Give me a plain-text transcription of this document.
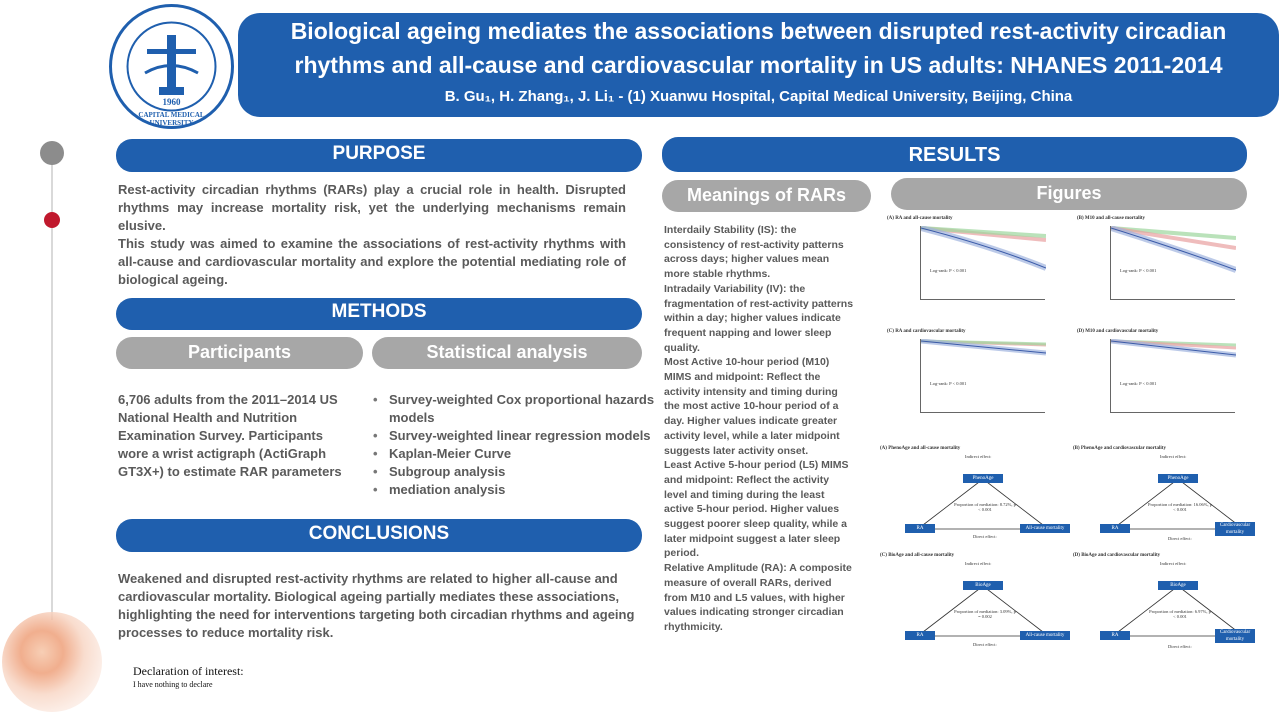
CAPITAL MEDICAL UNIVERSITY
1960
Biological ageing mediates the associations between disrupted rest-activity circadian
rhythms and all-cause and cardiovascular mortality in US adults: NHANES 2011-2014
B. Gu₁, H. Zhang₁, J. Li₁ - (1) Xuanwu Hospital, Capital Medical University, Beijing, China
PURPOSE

Rest-activity circadian rhythms (RARs) play a crucial role in health. Disrupted rhythms may increase mortality risk, yet the underlying mechanisms remain elusive.

This study was aimed to examine the associations of rest-activity rhythms with all-cause and cardiovascular mortality and explore the potential mediating role of biological ageing.

METHODS
Participants	Statistical analysis
6,706 adults from the 2011–2014 US National Health and Nutrition Examination Survey. Participants wore a wrist actigraph (ActiGraph GT3X+) to estimate RAR parameters
• Survey-weighted Cox proportional hazards models
• Survey-weighted linear regression models
• Kaplan-Meier Curve
• Subgroup analysis
• mediation analysis
CONCLUSIONS
Weakened and disrupted rest-activity rhythms are related to higher all-cause and cardiovascular mortality. Biological ageing partially mediates these associations, highlighting the need for interventions targeting both circadian rhythms and ageing processes to reduce mortality risk.
Declaration of interest:
I have nothing to declare
RESULTS
Meanings of RARs	Figures

Interdaily Stability (IS): the consistency of rest-activity patterns across days; higher values mean more stable rhythms.

Intradaily Variability (IV): the fragmentation of rest-activity patterns within a day; higher values indicate frequent napping and lower sleep quality.

Most Active 10-hour period (M10) MIMS and midpoint: Reflect the activity intensity and timing during the most active 10-hour period of a day. Higher values indicate greater activity level, while a later midpoint suggests later activity onset.

Least Active 5-hour period (L5) MIMS and midpoint: Reflect the activity level and timing during the least active 5-hour period. Higher values suggest poorer sleep quality, while a later midpoint suggest a later sleep period.

Relative Amplitude (RA): A composite measure of overall RARs, derived from M10 and L5 values, with higher values indicating stronger circadian rhythmicity.

(A) RA and all-cause mortality
Log-rank: P < 0.001
(B) M10 and all-cause mortality
Log-rank: P < 0.001
(C) RA and cardiovascular mortality
Log-rank: P < 0.001
(D) M10 and cardiovascular mortality
Log-rank: P < 0.001
(A) PhenoAge and all-cause mortality
Indirect effect:
PhenoAge
RA	All-cause mortality
Proportion of mediation: 8.72%, p < 0.001
Direct effect:
(B) PhenoAge and cardiovascular mortality
Indirect effect:
PhenoAge
RA
Cardiovascular mortality
Proportion of mediation: 16.06%, p < 0.001
Direct effect:
(C) BioAge and all-cause mortality
Indirect effect:
BioAge
RA	All-cause mortality
Proportion of mediation: 3.09%, p = 0.002
Direct effect:
(D) BioAge and cardiovascular mortality
Indirect effect:
BioAge
RA
Cardiovascular mortality
Proportion of mediation: 6.97%, p < 0.001
Direct effect:
